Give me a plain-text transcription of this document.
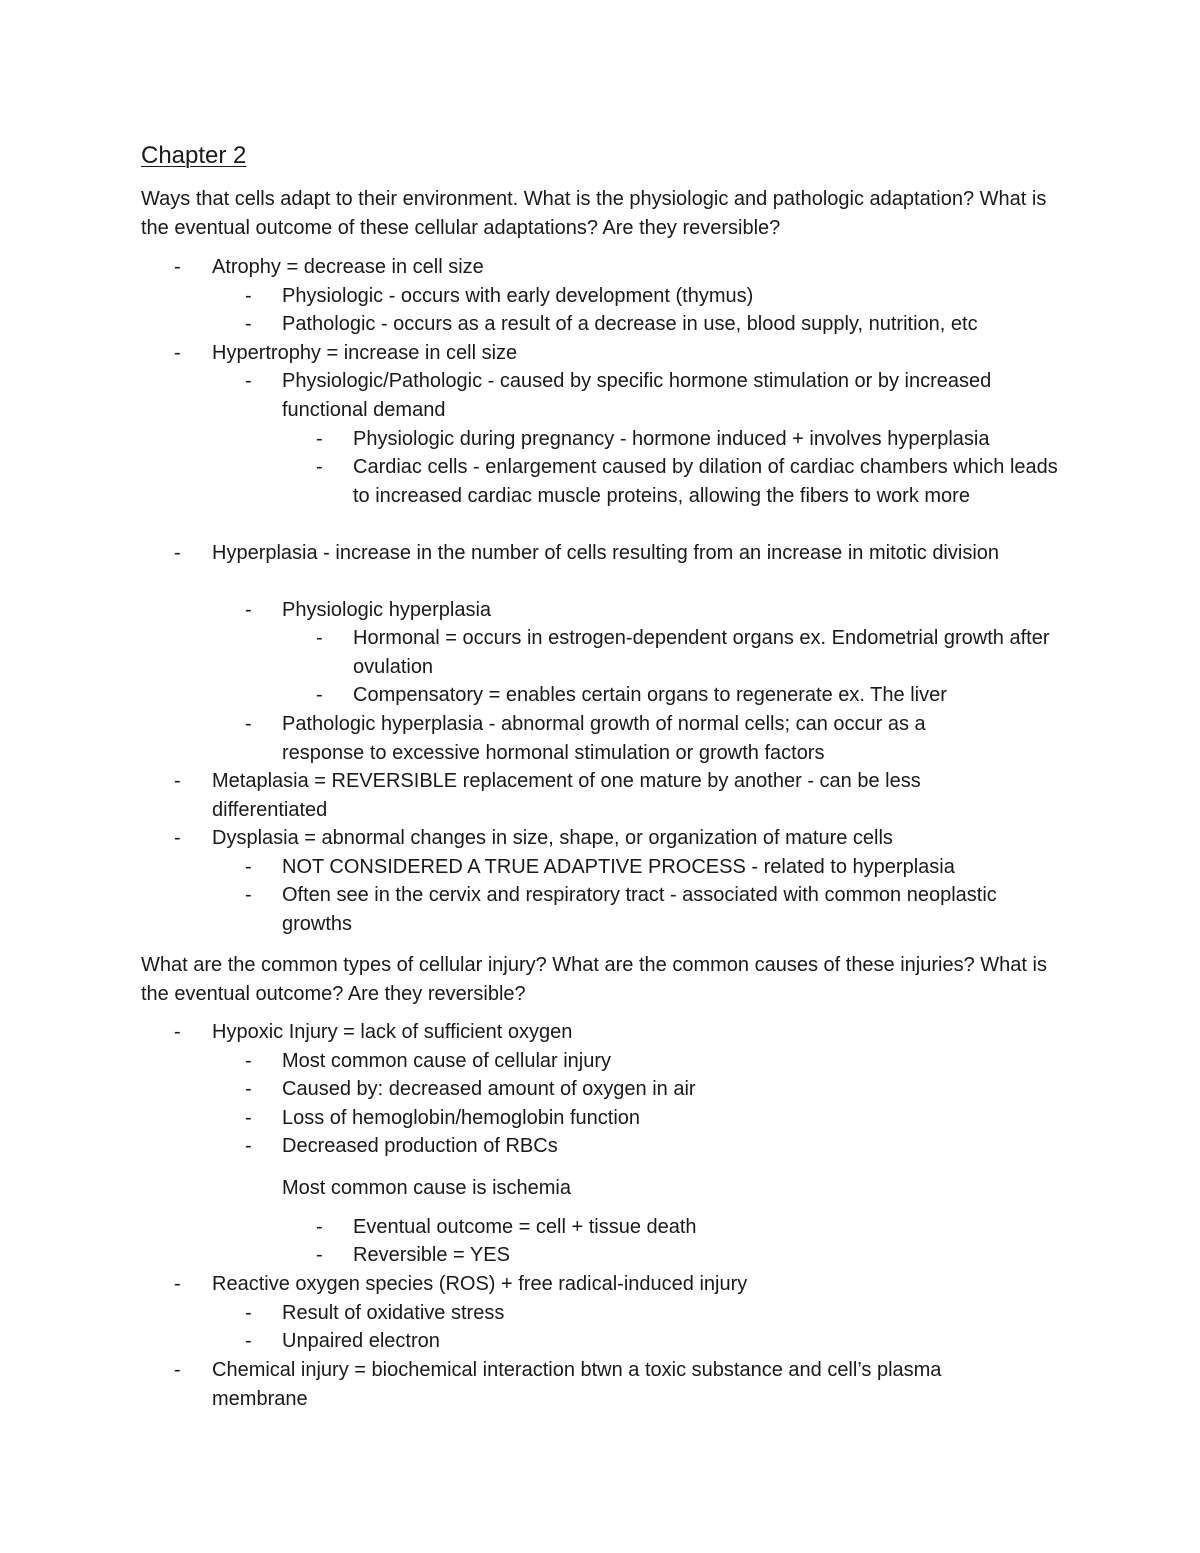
Chapter 2
Ways that cells adapt to their environment. What is the physiologic and pathologic adaptation? What is the eventual outcome of these cellular adaptations? Are they reversible?
- Atrophy = decrease in cell size
- Physiologic - occurs with early development (thymus)
- Pathologic - occurs as a result of a decrease in use, blood supply, nutrition, etc
- Hypertrophy = increase in cell size
- Physiologic/Pathologic - caused by specific hormone stimulation or by increased functional demand
- Physiologic during pregnancy - hormone induced + involves hyperplasia
- Cardiac cells - enlargement caused by dilation of cardiac chambers which leads to increased cardiac muscle proteins, allowing the fibers to work more
- Hyperplasia - increase in the number of cells resulting from an increase in mitotic division
- Physiologic hyperplasia
- Hormonal = occurs in estrogen-dependent organs ex. Endometrial growth after ovulation
- Compensatory = enables certain organs to regenerate ex. The liver
- Pathologic hyperplasia - abnormal growth of normal cells; can occur as a response to excessive hormonal stimulation or growth factors
- Metaplasia = REVERSIBLE replacement of one mature by another - can be less differentiated
- Dysplasia = abnormal changes in size, shape, or organization of mature cells
- NOT CONSIDERED A TRUE ADAPTIVE PROCESS - related to hyperplasia
- Often see in the cervix and respiratory tract - associated with common neoplastic growths
What are the common types of cellular injury? What are the common causes of these injuries? What is the eventual outcome? Are they reversible?
- Hypoxic Injury = lack of sufficient oxygen
- Most common cause of cellular injury
- Caused by: decreased amount of oxygen in air
- Loss of hemoglobin/hemoglobin function
- Decreased production of RBCs
Most common cause is ischemia
- Eventual outcome = cell + tissue death
- Reversible = YES
- Reactive oxygen species (ROS) + free radical-induced injury
- Result of oxidative stress
- Unpaired electron
- Chemical injury = biochemical interaction btwn a toxic substance and cell’s plasma membrane
